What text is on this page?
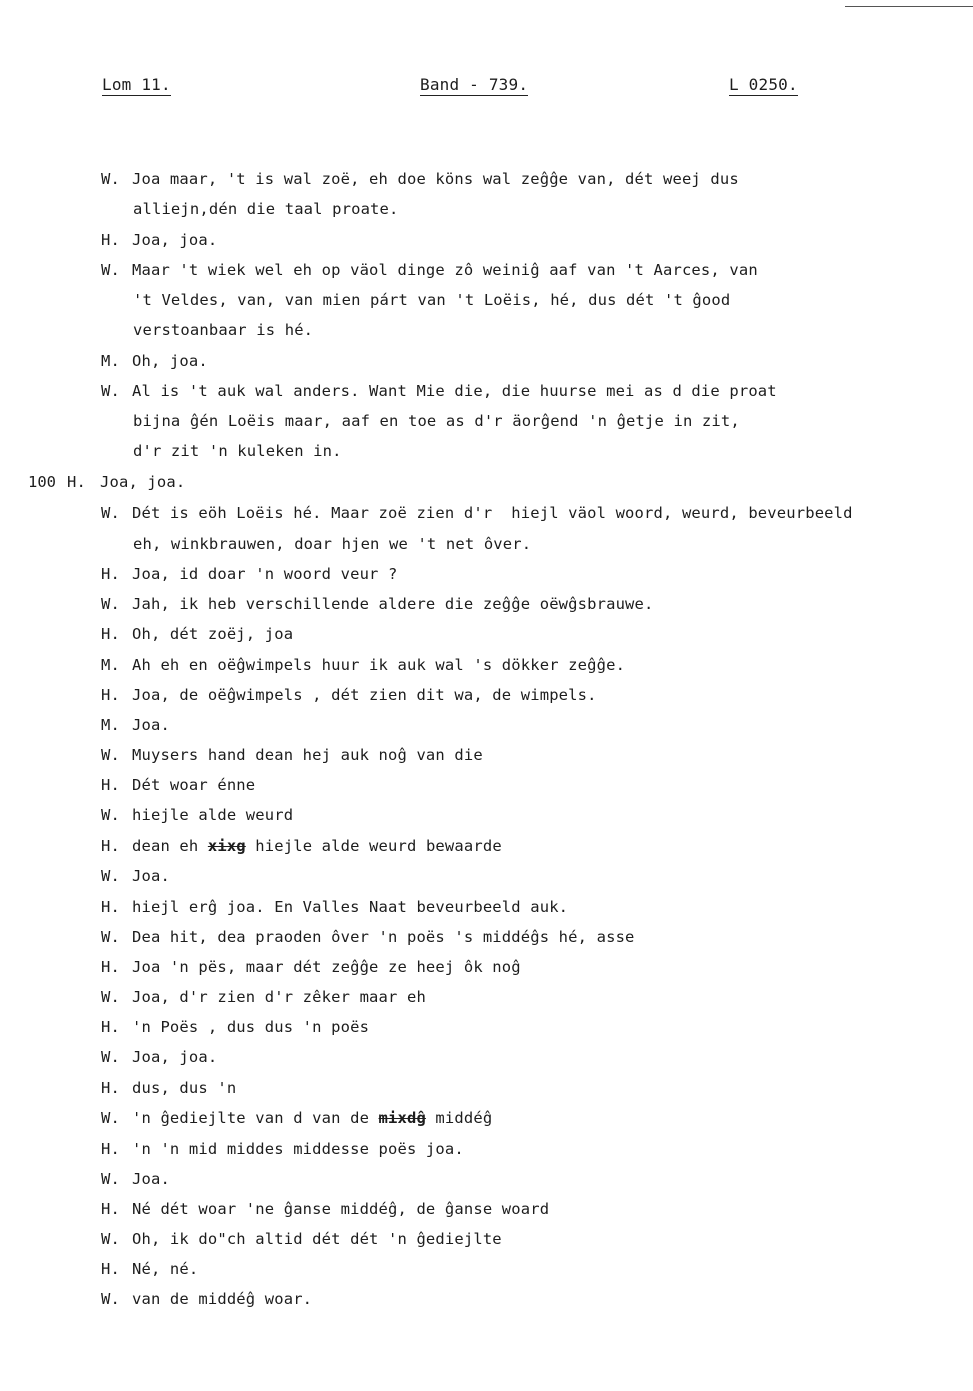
Lom 11.	Band - 739.	L 0250.
100
W. Joa maar, 't is wal zoë, eh doe köns wal zeĝĝe van, dét weej dus
alliejn,dén die taal proate.
H. Joa, joa.
W. Maar 't wiek wel eh op väol dinge zô weiniĝ aaf van 't Aarces, van
't Veldes, van, van mien párt van 't Loëis, hé, dus dét 't ĝood
verstoanbaar is hé.
M. Oh, joa.
W. Al is 't auk wal anders. Want Mie die, die huurse mei as d die proat
bijna ĝén Loëis maar, aaf en toe as d'r äorĝend 'n ĝetje in zit,
d'r zit 'n kuleken in.
H. Joa, joa.
W. Dét is eöh Loëis hé. Maar zoë zien d'r  hiejl väol woord, weurd, beveurbeeld
eh, winkbrauwen, doar hjen we 't net ôver.
H. Joa, id doar 'n woord veur ?
W. Jah, ik heb verschillende aldere die zeĝĝe oëwĝsbrauwe.
H. Oh, dét zoëj, joa
M. Ah eh en oëĝwimpels huur ik auk wal 's dökker zeĝĝe.
H. Joa, de oëĝwimpels , dét zien dit wa, de wimpels.
M. Joa.
W. Muysers hand dean hej auk noĝ van die
H. Dét woar énne
W. hiejle alde weurd
H. dean eh xixg hiejle alde weurd bewaarde
W. Joa.
H. hiejl erĝ joa. En Valles Naat beveurbeeld auk.
W. Dea hit, dea praoden ôver 'n poës 's middéĝs hé, asse
H. Joa 'n pës, maar dét zeĝĝe ze heej ôk noĝ
W. Joa, d'r zien d'r zêker maar eh
H. 'n Poës , dus dus 'n poës
W. Joa, joa.
H. dus, dus 'n
W. 'n ĝediejlte van d van de mixdĝ middéĝ
H. 'n 'n mid middes middesse poës joa.
W. Joa.
H. Né dét woar 'ne ĝanse middéĝ, de ĝanse woard
W. Oh, ik do"ch altid dét dét 'n ĝediejlte
H. Né, né.
W. van de middéĝ woar.
